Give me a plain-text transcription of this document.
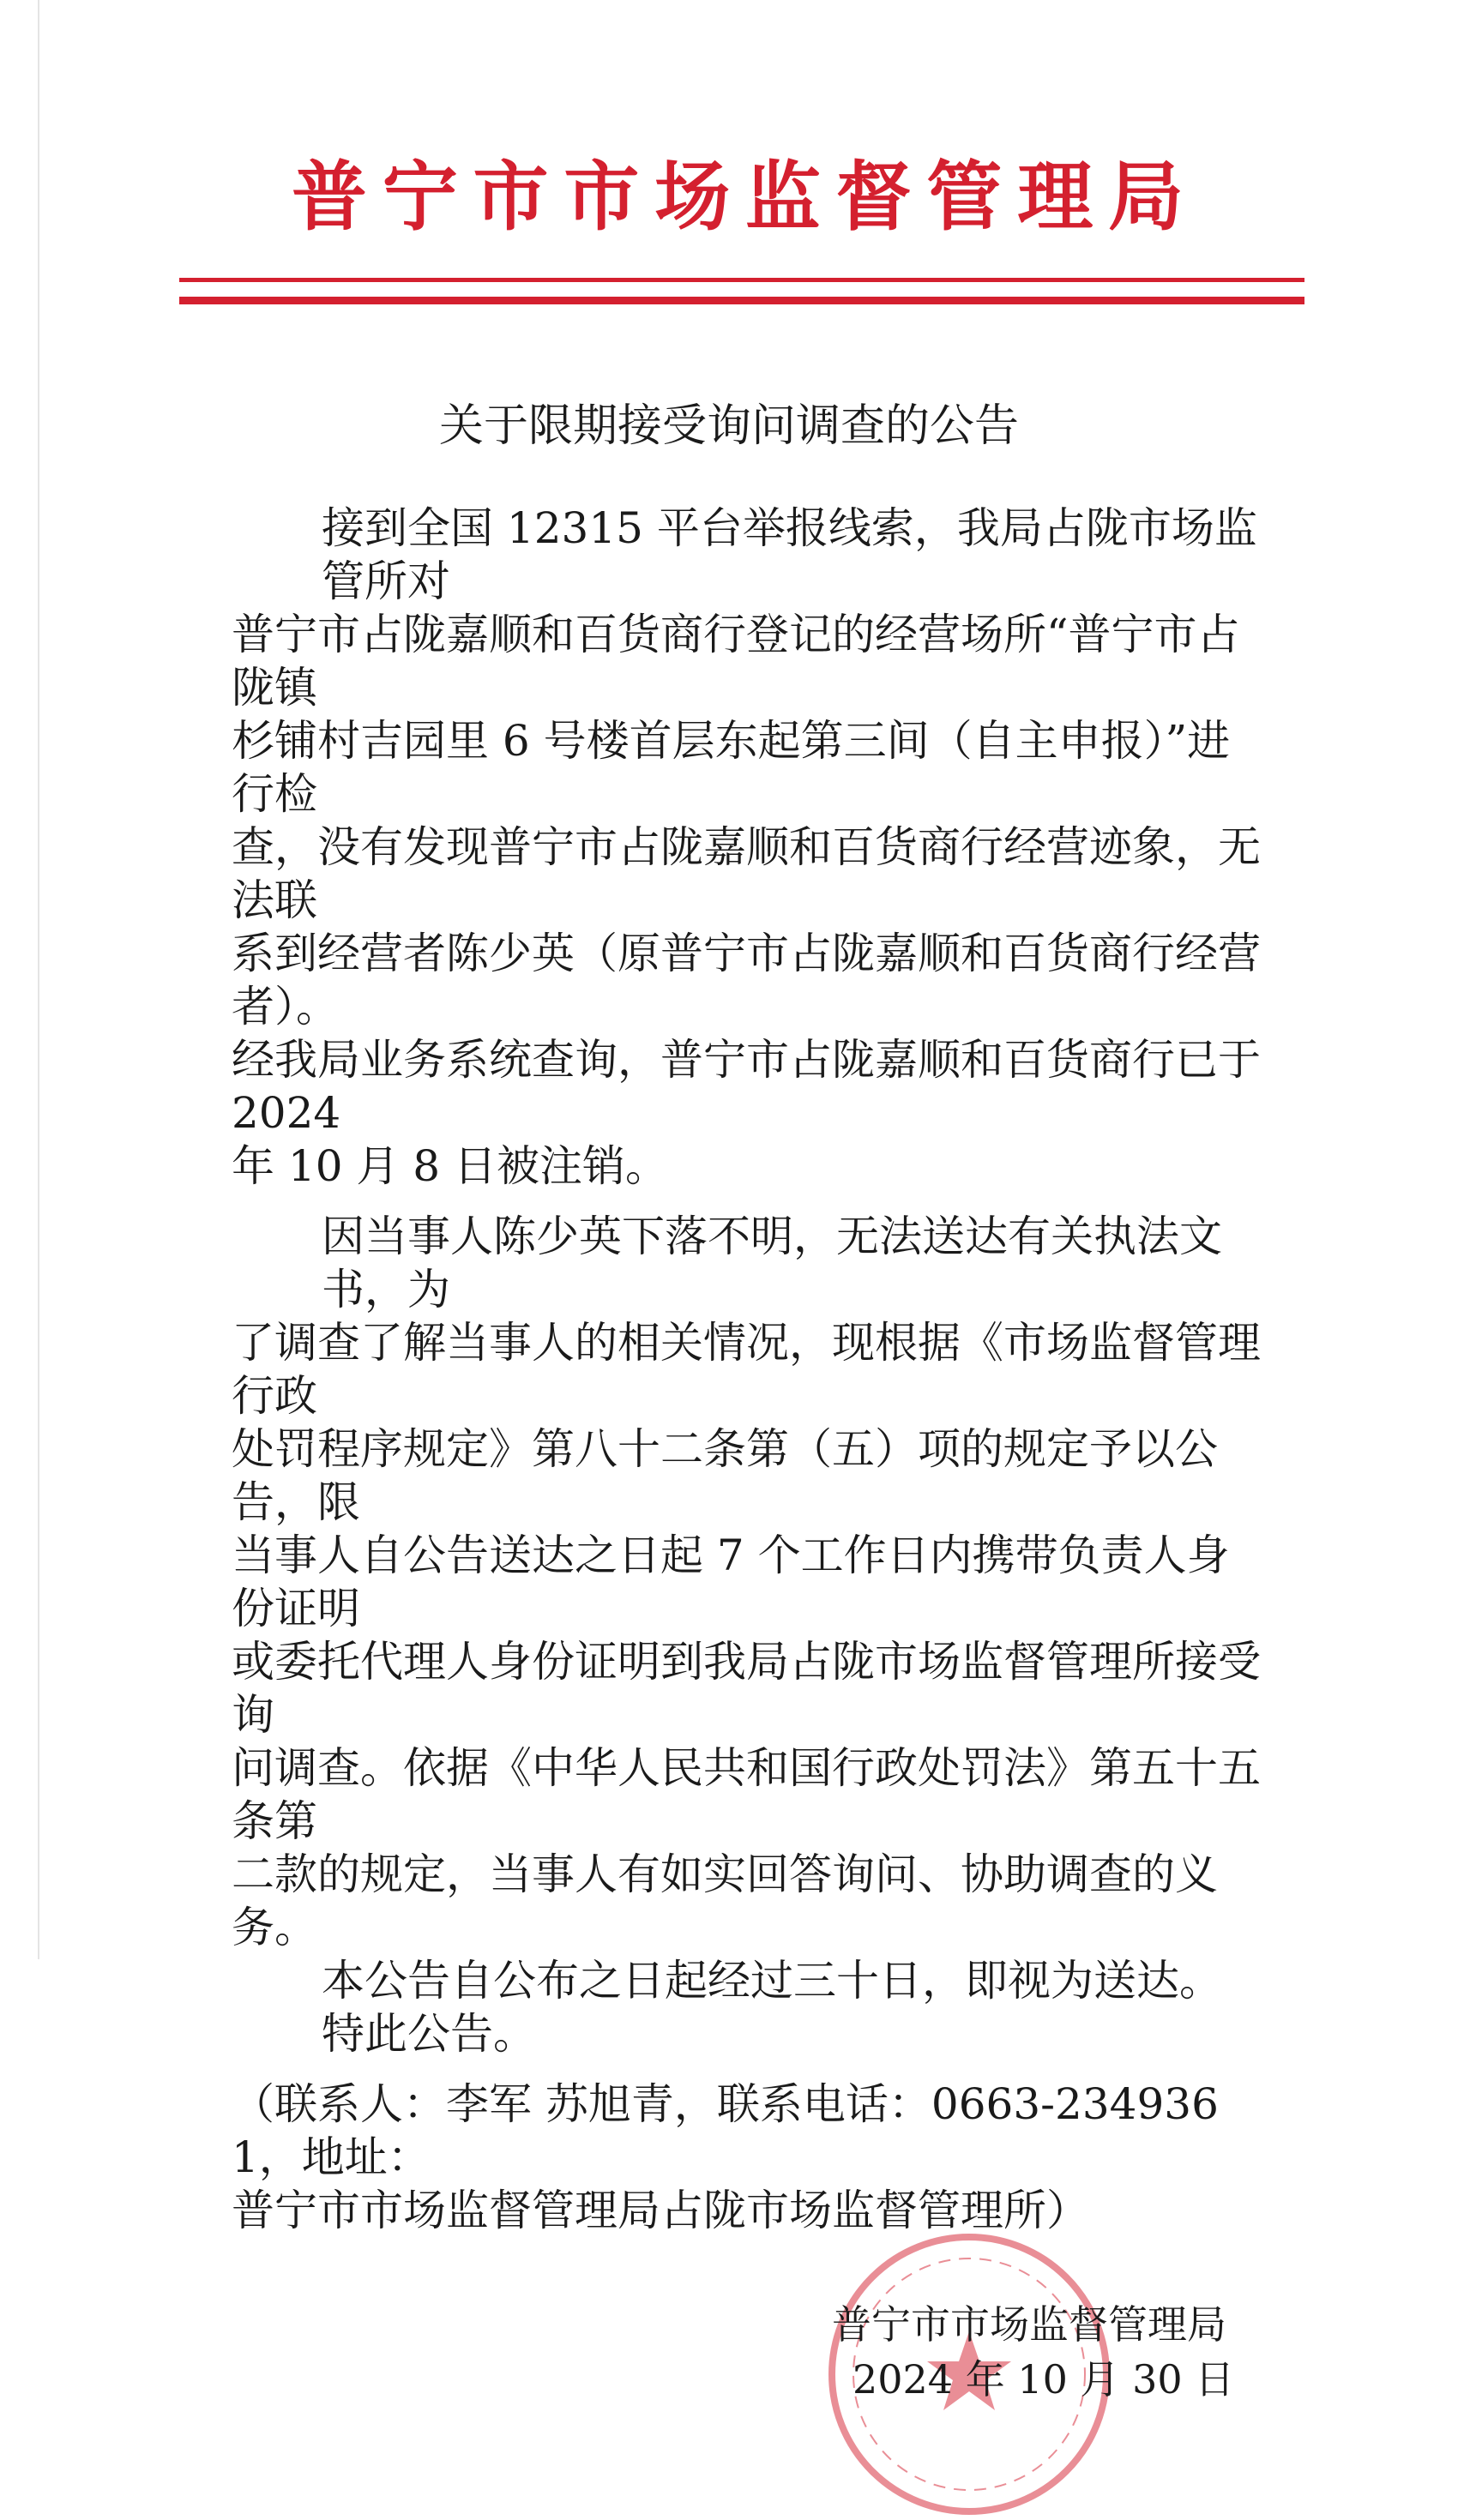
普宁市市场监督管理局
关于限期接受询问调查的公告
接到全国 12315 平台举报线索，我局占陇市场监管所对
普宁市占陇嘉顺和百货商行登记的经营场所“普宁市占陇镇
杉铺村吉园里 6 号楼首层东起第三间（自主申报）”进行检
查，没有发现普宁市占陇嘉顺和百货商行经营迹象，无法联
系到经营者陈少英（原普宁市占陇嘉顺和百货商行经营者）。
经我局业务系统查询，普宁市占陇嘉顺和百货商行已于 2024
年 10 月 8 日被注销。
因当事人陈少英下落不明，无法送达有关执法文书，为
了调查了解当事人的相关情况，现根据《市场监督管理行政
处罚程序规定》第八十二条第（五）项的规定予以公告，限
当事人自公告送达之日起 7 个工作日内携带负责人身份证明
或委托代理人身份证明到我局占陇市场监督管理所接受询
问调查。依据《中华人民共和国行政处罚法》第五十五条第
二款的规定，当事人有如实回答询问、协助调查的义务。
本公告自公布之日起经过三十日，即视为送达。
特此公告。
（联系人：李军 苏旭青，联系电话：0663-2349361，地址：
普宁市市场监督管理局占陇市场监督管理所）
普宁市市场监督管理局
2024 年 10 月 30 日
